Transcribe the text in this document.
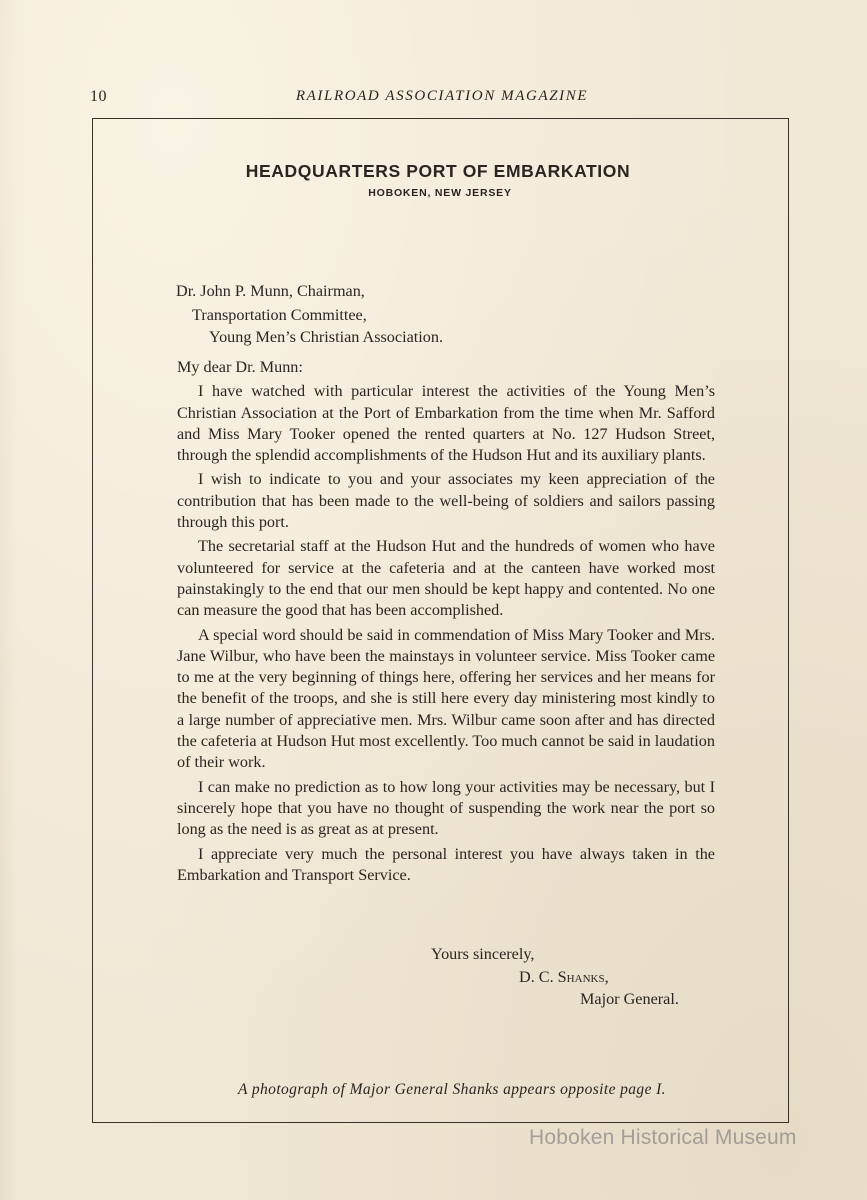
10	RAILROAD ASSOCIATION MAGAZINE
HEADQUARTERS PORT OF EMBARKATION
HOBOKEN, NEW JERSEY
Dr. John P. Munn, Chairman,
Transportation Committee,
Young Men’s Christian Association.

My dear Dr. Munn:

I have watched with particular interest the activities of the Young Men’s Christian Association at the Port of Embarkation from the time when Mr. Safford and Miss Mary Tooker opened the rented quarters at No. 127 Hudson Street, through the splendid accomplishments of the Hudson Hut and its auxiliary plants.

I wish to indicate to you and your associates my keen appreciation of the contribution that has been made to the well-being of soldiers and sailors passing through this port.

The secretarial staff at the Hudson Hut and the hundreds of women who have volunteered for service at the cafeteria and at the canteen have worked most painstakingly to the end that our men should be kept happy and contented. No one can measure the good that has been accomplished.

A special word should be said in commendation of Miss Mary Tooker and Mrs. Jane Wilbur, who have been the mainstays in volunteer service. Miss Tooker came to me at the very beginning of things here, offering her services and her means for the benefit of the troops, and she is still here every day ministering most kindly to a large number of appreciative men. Mrs. Wilbur came soon after and has directed the cafeteria at Hudson Hut most excellently. Too much cannot be said in laudation of their work.

I can make no prediction as to how long your activities may be necessary, but I sincerely hope that you have no thought of suspending the work near the port so long as the need is as great as at present.

I appreciate very much the personal interest you have always taken in the Embarkation and Transport Service.

Yours sincerely,
D. C. Shanks,
Major General.
A photograph of Major General Shanks appears opposite page I.
Hoboken Historical Museum
